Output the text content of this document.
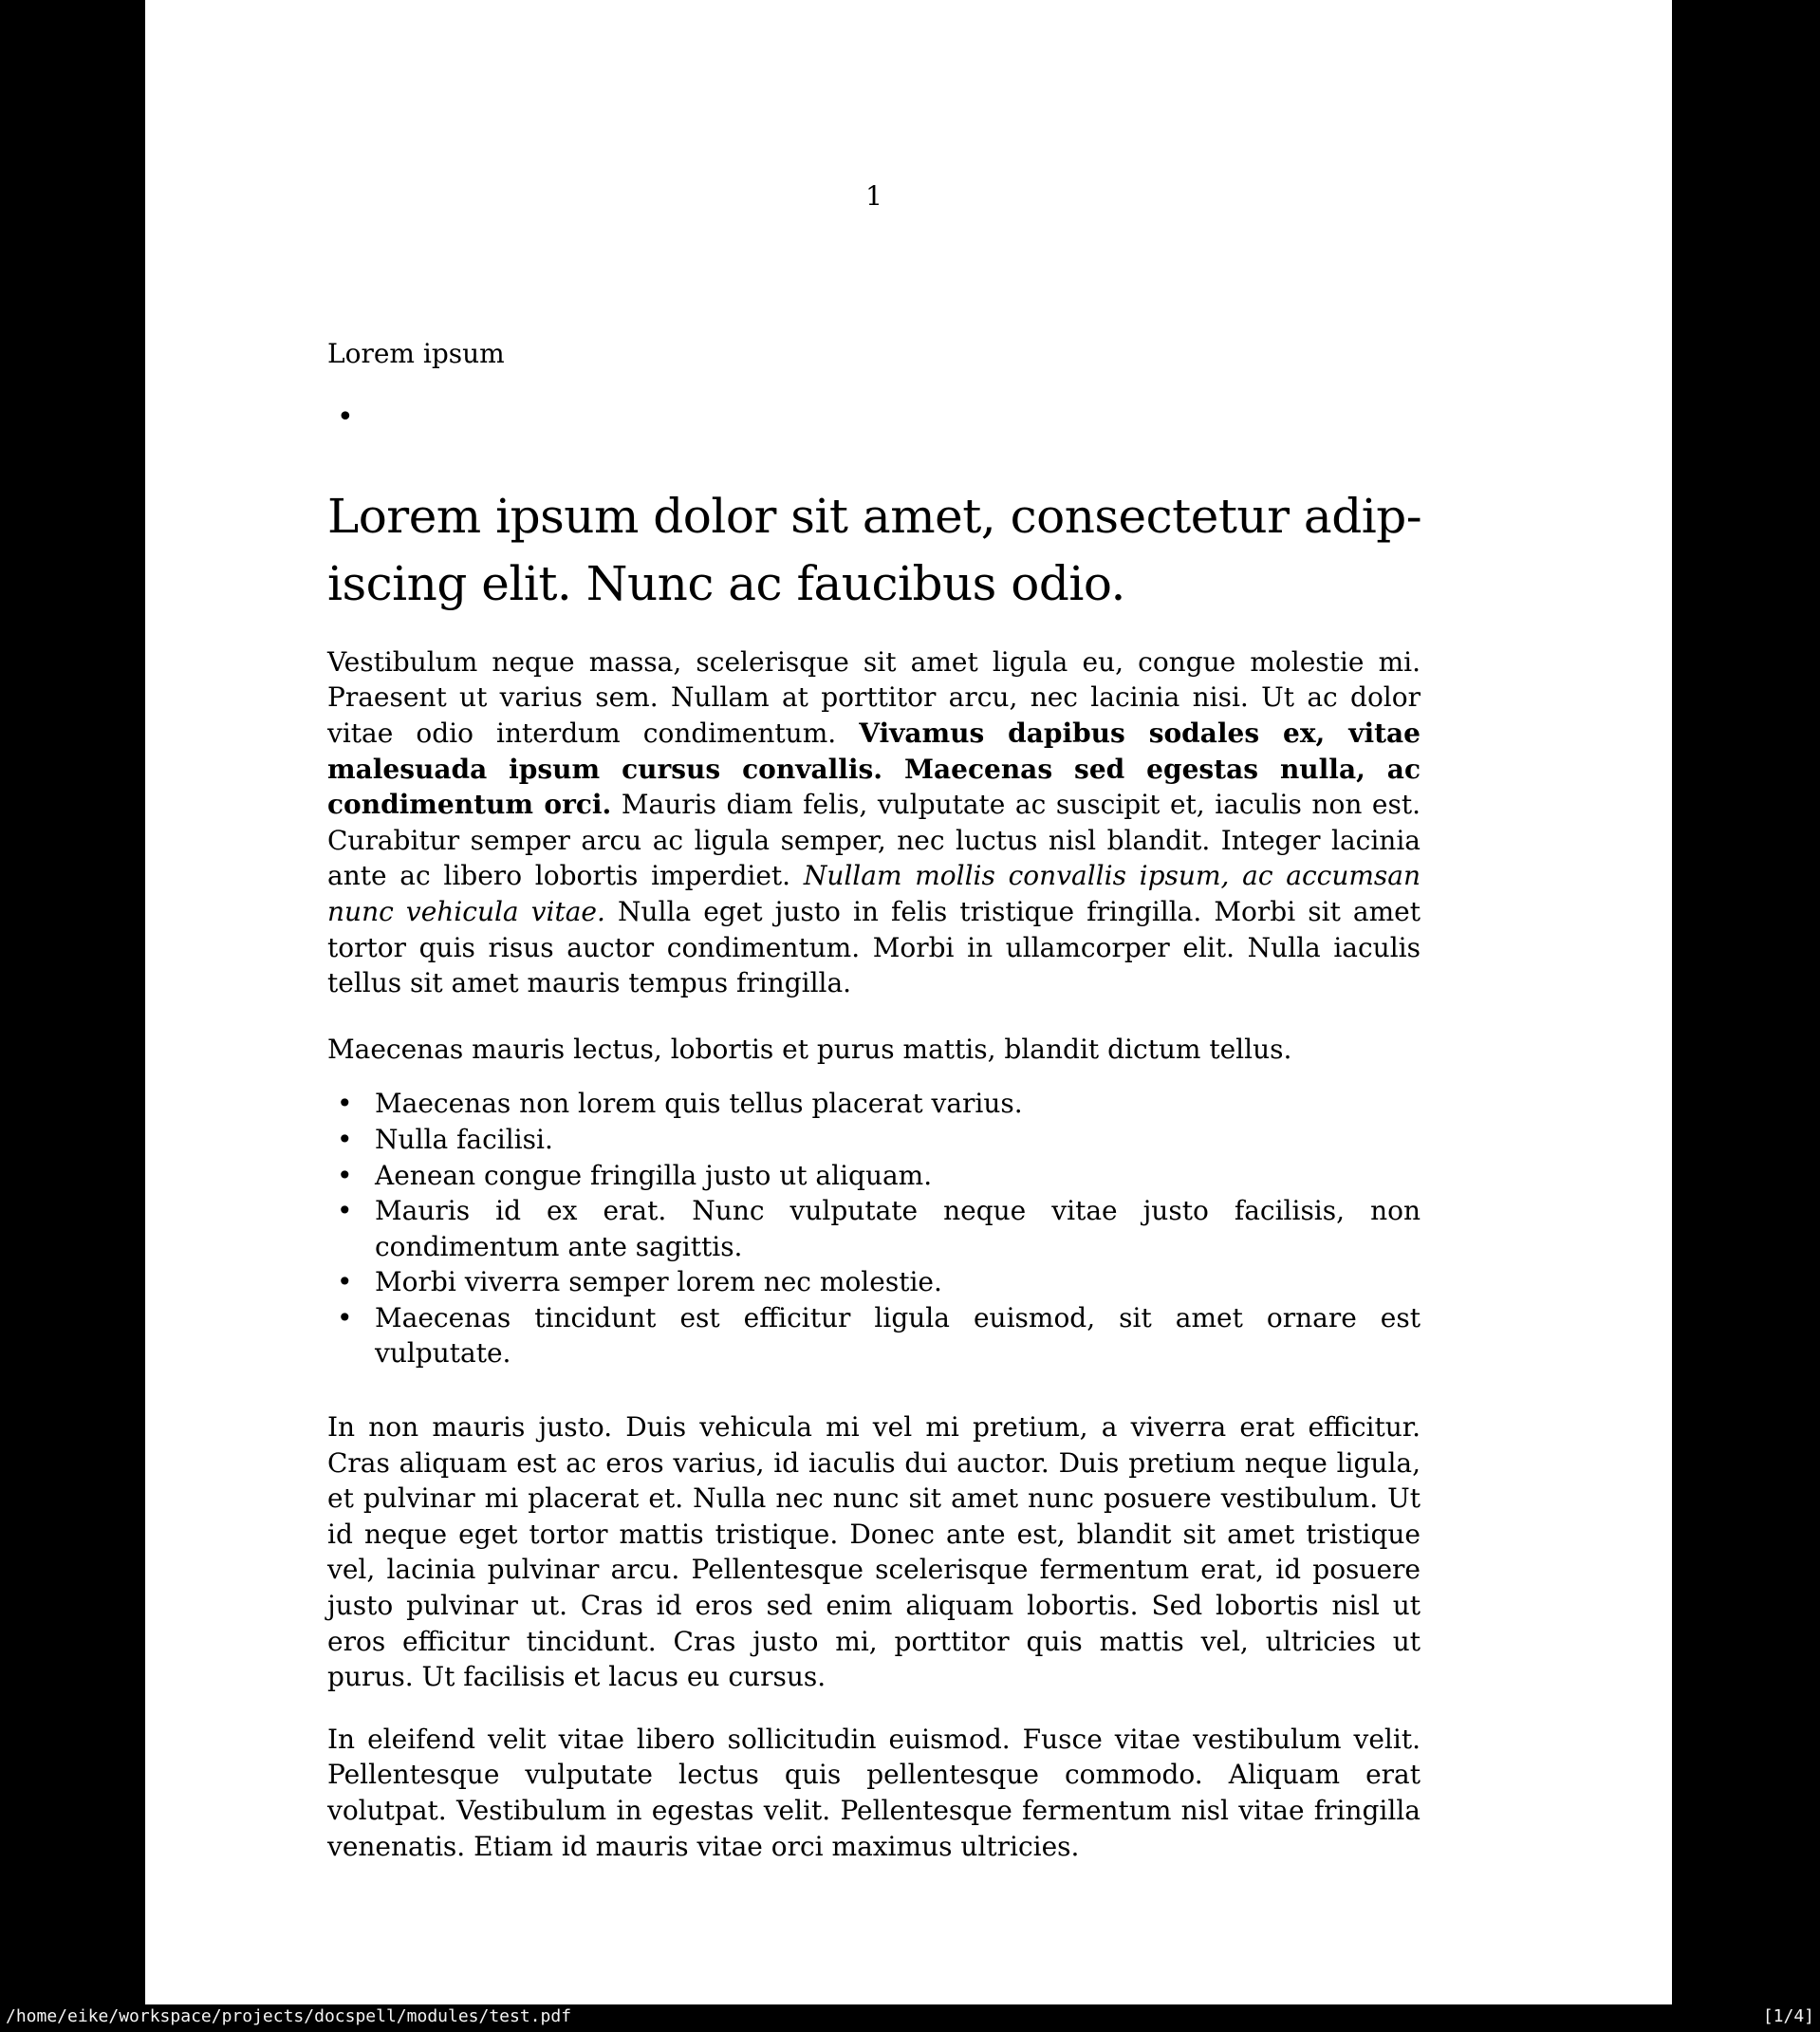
1
Lorem ipsum
•
Lorem ipsum dolor sit amet, consectetur adip-
iscing elit. Nunc ac faucibus odio.

Vestibulum neque massa, scelerisque sit amet ligula eu, congue molestie mi. Praesent ut varius sem. Nullam at porttitor arcu, nec lacinia nisi. Ut ac dolor vitae odio interdum condimentum. Vivamus dapibus sodales ex, vitae malesuada ipsum cursus convallis. Maecenas sed egestas nulla, ac condimentum orci. Mauris diam felis, vulputate ac suscipit et, iaculis non est. Curabitur semper arcu ac ligula semper, nec luctus nisl blandit. Integer lacinia ante ac libero lobortis imperdiet. Nullam mollis convallis ipsum, ac accumsan nunc vehicula vitae. Nulla eget justo in felis tristique fringilla. Morbi sit amet tortor quis risus auctor condimentum. Morbi in ullamcorper elit. Nulla iaculis tellus sit amet mauris tempus fringilla.

Maecenas mauris lectus, lobortis et purus mattis, blandit dictum tellus.

• Maecenas non lorem quis tellus placerat varius.
• Nulla facilisi.
• Aenean congue fringilla justo ut aliquam.
• Mauris id ex erat. Nunc vulputate neque vitae justo facilisis, non condimentum ante sagittis.
• Morbi viverra semper lorem nec molestie.
• Maecenas tincidunt est efficitur ligula euismod, sit amet ornare est vulputate.

In non mauris justo. Duis vehicula mi vel mi pretium, a viverra erat efficitur. Cras aliquam est ac eros varius, id iaculis dui auctor. Duis pretium neque ligula, et pulvinar mi placerat et. Nulla nec nunc sit amet nunc posuere vestibulum. Ut id neque eget tortor mattis tristique. Donec ante est, blandit sit amet tristique vel, lacinia pulvinar arcu. Pellentesque scelerisque fermentum erat, id posuere justo pulvinar ut. Cras id eros sed enim aliquam lobortis. Sed lobortis nisl ut eros efficitur tincidunt. Cras justo mi, porttitor quis mattis vel, ultricies ut purus. Ut facilisis et lacus eu cursus.

In eleifend velit vitae libero sollicitudin euismod. Fusce vitae vestibulum velit. Pellentesque vulputate lectus quis pellentesque commodo. Aliquam erat volutpat. Vestibulum in egestas velit. Pellentesque fermentum nisl vitae fringilla venenatis. Etiam id mauris vitae orci maximus ultricies.

/home/eike/workspace/projects/docspell/modules/test.pdf	[1/4]
